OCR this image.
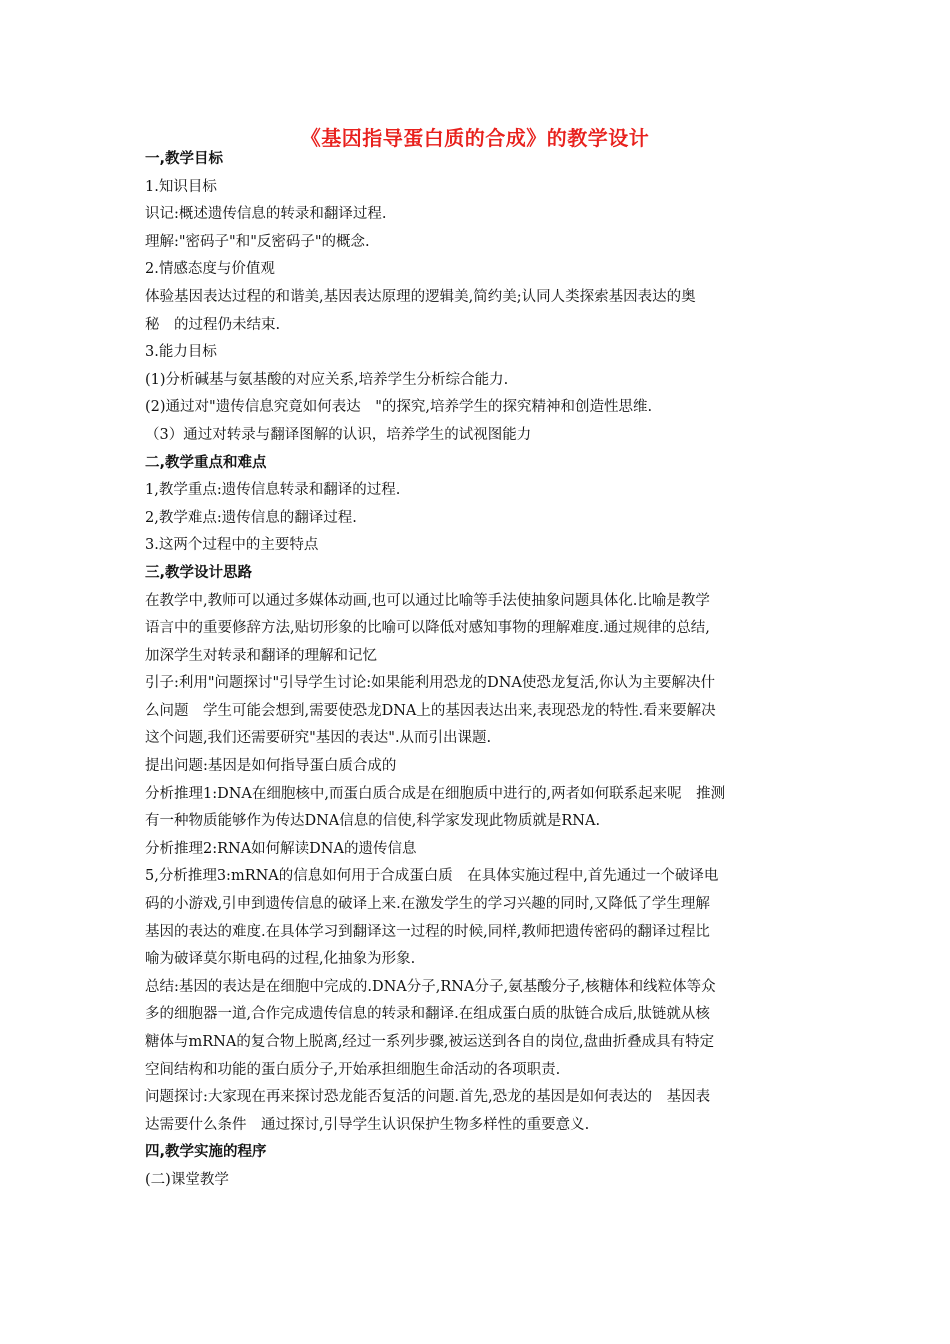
《基因指导蛋白质的合成》的教学设计

一,教学目标

1.知识目标

识记:概述遗传信息的转录和翻译过程.

理解:"密码子"和"反密码子"的概念.

2.情感态度与价值观

体验基因表达过程的和谐美,基因表达原理的逻辑美,简约美;认同人类探索基因表达的奥

秘　的过程仍未结束.

3.能力目标

(1)分析碱基与氨基酸的对应关系,培养学生分析综合能力.

(2)通过对"遗传信息究竟如何表达　"的探究,培养学生的探究精神和创造性思维.

（3）通过对转录与翻译图解的认识，培养学生的试视图能力

二,教学重点和难点

1,教学重点:遗传信息转录和翻译的过程.

2,教学难点:遗传信息的翻译过程.

3.这两个过程中的主要特点

三,教学设计思路

在教学中,教师可以通过多媒体动画,也可以通过比喻等手法使抽象问题具体化.比喻是教学

语言中的重要修辞方法,贴切形象的比喻可以降低对感知事物的理解难度.通过规律的总结,

加深学生对转录和翻译的理解和记忆

引子:利用"问题探讨"引导学生讨论:如果能利用恐龙的DNA使恐龙复活,你认为主要解决什

么问题　学生可能会想到,需要使恐龙DNA上的基因表达出来,表现恐龙的特性.看来要解决

这个问题,我们还需要研究"基因的表达".从而引出课题.

提出问题:基因是如何指导蛋白质合成的

分析推理1:DNA在细胞核中,而蛋白质合成是在细胞质中进行的,两者如何联系起来呢　推测

有一种物质能够作为传达DNA信息的信使,科学家发现此物质就是RNA.

分析推理2:RNA如何解读DNA的遗传信息

5,分析推理3:mRNA的信息如何用于合成蛋白质　在具体实施过程中,首先通过一个破译电

码的小游戏,引申到遗传信息的破译上来.在激发学生的学习兴趣的同时,又降低了学生理解

基因的表达的难度.在具体学习到翻译这一过程的时候,同样,教师把遗传密码的翻译过程比

喻为破译莫尔斯电码的过程,化抽象为形象.

总结:基因的表达是在细胞中完成的.DNA分子,RNA分子,氨基酸分子,核糖体和线粒体等众

多的细胞器一道,合作完成遗传信息的转录和翻译.在组成蛋白质的肽链合成后,肽链就从核

糖体与mRNA的复合物上脱离,经过一系列步骤,被运送到各自的岗位,盘曲折叠成具有特定

空间结构和功能的蛋白质分子,开始承担细胞生命活动的各项职责.

问题探讨:大家现在再来探讨恐龙能否复活的问题.首先,恐龙的基因是如何表达的　基因表

达需要什么条件　通过探讨,引导学生认识保护生物多样性的重要意义.

四,教学实施的程序

(二)课堂教学
